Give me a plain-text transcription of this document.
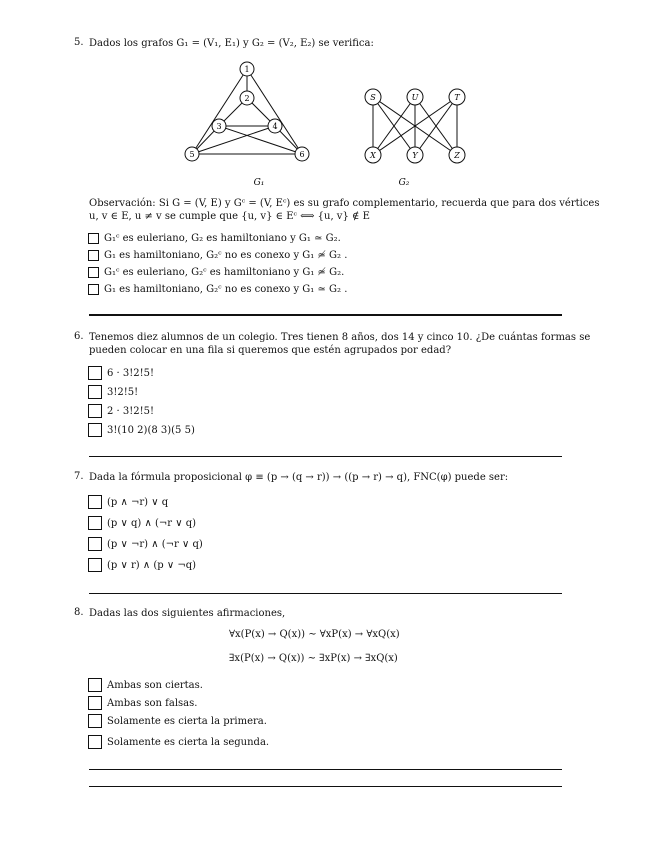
5. Dados los grafos G₁ = (V₁, E₁) y G₂ = (V₂, E₂) se verifica:
1
2
3	4
5	6
S	U	T
X	Y	Z
G₁	G₂
Observación: Si G = (V, E) y Gᶜ = (V, Eᶜ) es su grafo complementario, recuerda que para dos vértices
u, v ∈ E, u ≠ v se cumple que {u, v} ∈ Eᶜ ⟺ {u, v} ∉ E
G₁ᶜ es euleriano, G₂ es hamiltoniano y G₁ ≃ G₂.
G₁ es hamiltoniano, G₂ᶜ no es conexo y G₁ ≄ G₂ .
G₁ᶜ es euleriano, G₂ᶜ es hamiltoniano y G₁ ≄ G₂.
G₁ es hamiltoniano, G₂ᶜ no es conexo y G₁ ≃ G₂ .
6. Tenemos diez alumnos de un colegio. Tres tienen 8 años, dos 14 y cinco 10. ¿De cuántas formas se
pueden colocar en una fila si queremos que estén agrupados por edad?
6 · 3!2!5!
3!2!5!
2 · 3!2!5!
3!(10 2)(8 3)(5 5)
7. Dada la fórmula proposicional φ ≡ (p → (q → r)) → ((p → r) → q), FNC(φ) puede ser:
(p ∧ ¬r) ∨ q
(p ∨ q) ∧ (¬r ∨ q)
(p ∨ ¬r) ∧ (¬r ∨ q)
(p ∨ r) ∧ (p ∨ ¬q)
8. Dadas las dos siguientes afirmaciones,
∀x(P(x) → Q(x)) ∼ ∀xP(x) → ∀xQ(x)
∃x(P(x) → Q(x)) ∼ ∃xP(x) → ∃xQ(x)
Ambas son ciertas.
Ambas son falsas.
Solamente es cierta la primera.
Solamente es cierta la segunda.
